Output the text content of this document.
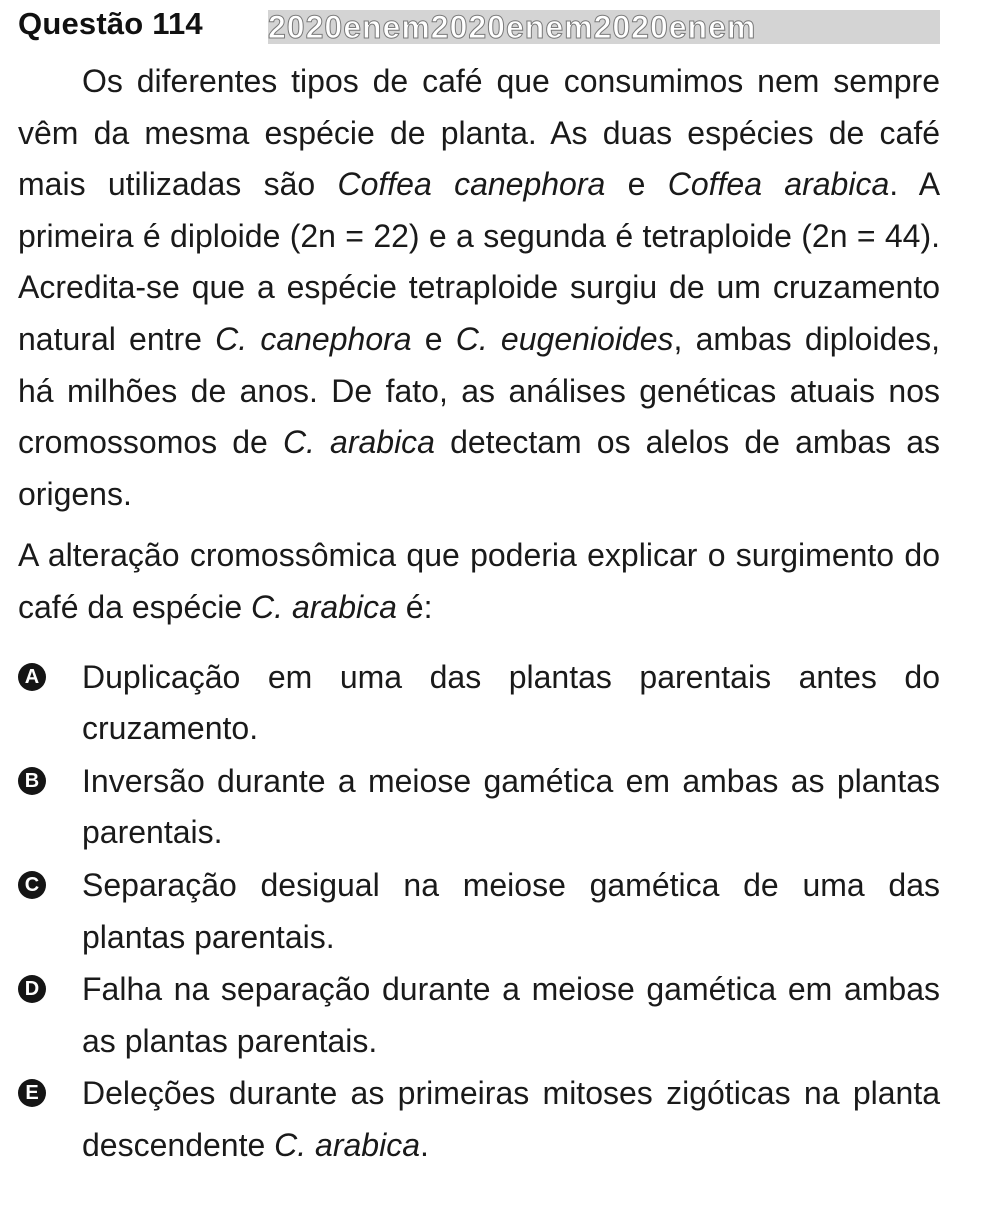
Questão 114 2020enem2020enem2020enem

Os diferentes tipos de café que consumimos nem sempre vêm da mesma espécie de planta. As duas espécies de café mais utilizadas são Coffea canephora e Coffea arabica. A primeira é diploide (2n = 22) e a segunda é tetraploide (2n = 44). Acredita-se que a espécie tetraploide surgiu de um cruzamento natural entre C. canephora e C. eugenioides, ambas diploides, há milhões de anos. De fato, as análises genéticas atuais nos cromossomos de C. arabica detectam os alelos de ambas as origens.

A alteração cromossômica que poderia explicar o surgimento do café da espécie C. arabica é:

A Duplicação em uma das plantas parentais antes do cruzamento.

B Inversão durante a meiose gamética em ambas as plantas parentais.

C Separação desigual na meiose gamética de uma das plantas parentais.

D Falha na separação durante a meiose gamética em ambas as plantas parentais.

E Deleções durante as primeiras mitoses zigóticas na planta descendente C. arabica.
